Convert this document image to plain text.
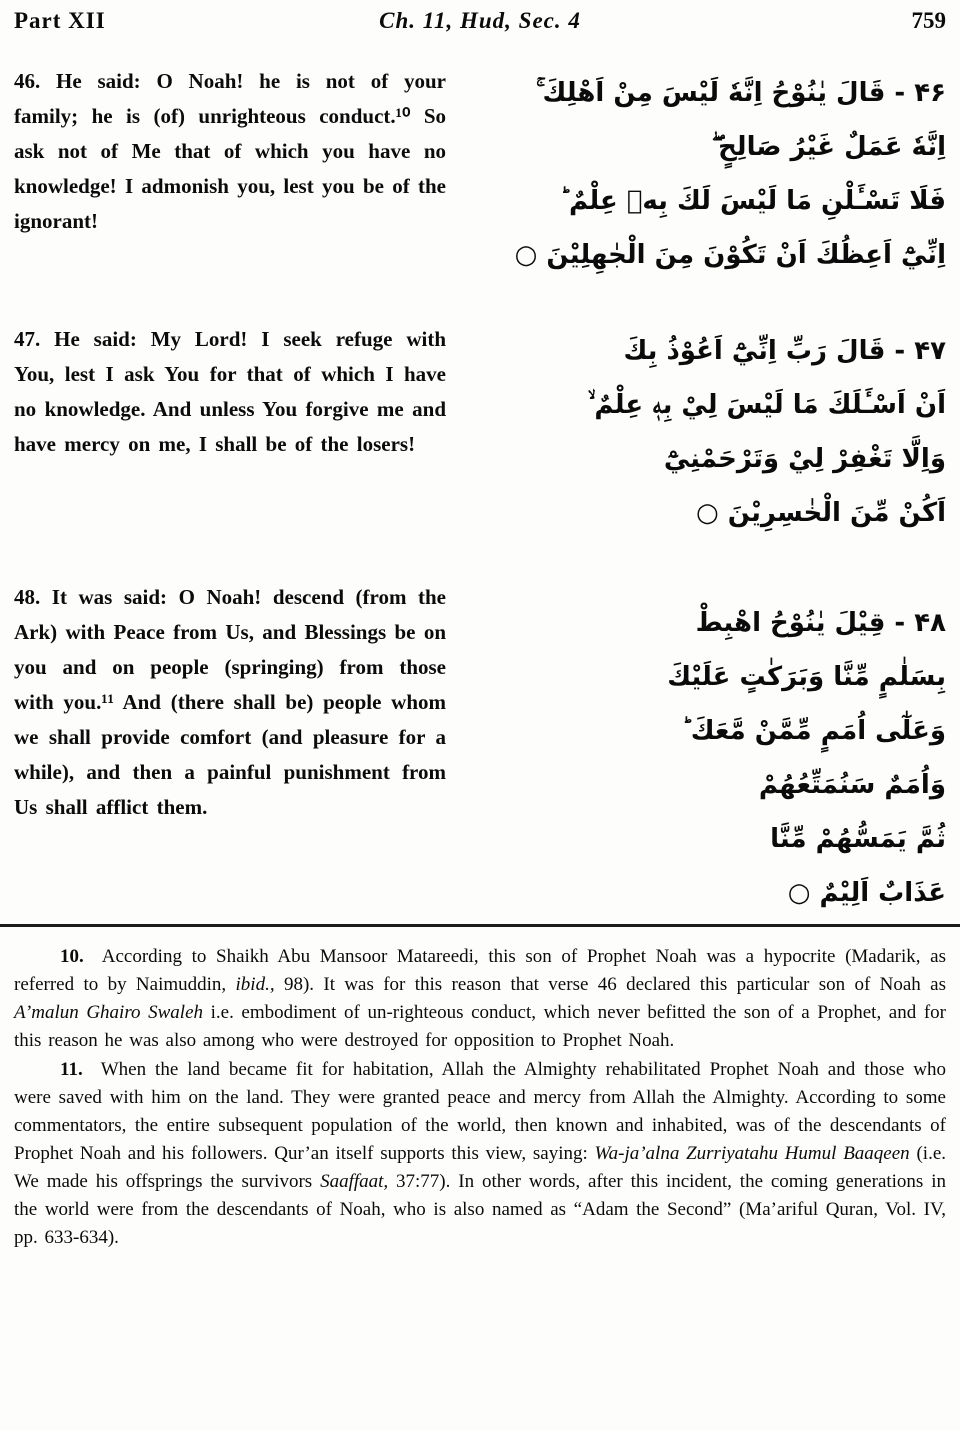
Part XII	Ch. 11, Hud, Sec. 4	759

46. He said: O Noah! he is not of your family; he is (of) unrighteous conduct.¹⁰ So ask not of Me that of which you have no knowledge! I admonish you, lest you be of the ignorant!

۴۶ - قَالَ يٰنُوْحُ اِنَّهٗ لَيْسَ مِنْ اَهْلِكَ ۚ
اِنَّهٗ عَمَلٌ غَيْرُ صَالِحٍ ۖ
فَلَا تَسْـَٔلْنِ مَا لَيْسَ لَكَ بِهٖ عِلْمٌ ؕ
اِنِّيْٓ اَعِظُكَ اَنْ تَكُوْنَ مِنَ الْجٰهِلِيْنَ ○

47. He said: My Lord! I seek refuge with You, lest I ask You for that of which I have no knowledge. And unless You forgive me and have mercy on me, I shall be of the losers!

۴۷ - قَالَ رَبِّ اِنِّيْٓ اَعُوْذُ بِكَ
اَنْ اَسْـَٔلَكَ مَا لَيْسَ لِيْ بِهٖ عِلْمٌ ۙ
وَاِلَّا تَغْفِرْ لِيْ وَتَرْحَمْنِيْٓ
اَكُنْ مِّنَ الْخٰسِرِيْنَ ○

48. It was said: O Noah! descend (from the Ark) with Peace from Us, and Blessings be on you and on people (springing) from those with you.¹¹ And (there shall be) people whom we shall provide comfort (and pleasure for a while), and then a painful punishment from Us shall afflict them.

۴۸ - قِيْلَ يٰنُوْحُ اهْبِطْ
بِسَلٰمٍ مِّنَّا وَبَرَكٰتٍ عَلَيْكَ
وَعَلٰٓى اُمَمٍ مِّمَّنْ مَّعَكَ ؕ
وَاُمَمٌ سَنُمَتِّعُهُمْ
ثُمَّ يَمَسُّهُمْ مِّنَّا
عَذَابٌ اَلِيْمٌ ○

10. According to Shaikh Abu Mansoor Matareedi, this son of Prophet Noah was a hypocrite (Madarik, as referred to by Naimuddin, ibid., 98). It was for this reason that verse 46 declared this particular son of Noah as A’malun Ghairo Swaleh i.e. embodiment of un-righteous conduct, which never befitted the son of a Prophet, and for this reason he was also among who were destroyed for opposition to Prophet Noah.

11. When the land became fit for habitation, Allah the Almighty rehabilitated Prophet Noah and those who were saved with him on the land. They were granted peace and mercy from Allah the Almighty. According to some commentators, the entire subsequent population of the world, then known and inhabited, was of the descendants of Prophet Noah and his followers. Qur’an itself supports this view, saying: Wa-ja’alna Zurriyatahu Humul Baaqeen (i.e. We made his offsprings the survivors Saaffaat, 37:77). In other words, after this incident, the coming generations in the world were from the descendants of Noah, who is also named as “Adam the Second” (Ma’ariful Quran, Vol. IV, pp. 633-634).
